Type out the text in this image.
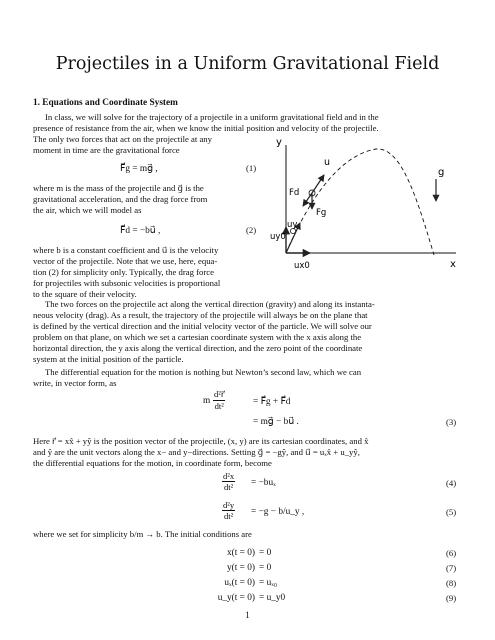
Projectiles in a Uniform Gravitational Field
1. Equations and Coordinate System
In class, we will solve for the trajectory of a projectile in a uniform gravitational field and in the
presence of resistance from the air, when we know the initial position and velocity of the projectile.
The only two forces that act on the projectile at any
moment in time are the gravitational force
F⃗g = mg⃗ ,	(1)
where m is the mass of the projectile and g⃗ is the
gravitational acceleration, and the drag force from
the air, which we will model as
F⃗d = −bu⃗ ,	(2)
where b is a constant coefficient and u⃗ is the velocity
vector of the projectile. Note that we use, here, equa-
tion (2) for simplicity only. Typically, the drag force
for projectiles with subsonic velocities is proportional
to the square of their velocity.
y
x
uy0
ux0
uy
u
Fd
Fg
g
The two forces on the projectile act along the vertical direction (gravity) and along its instanta-
neous velocity (drag). As a result, the trajectory of the projectile will always be on the plane that
is defined by the vertical direction and the initial velocity vector of the particle. We will solve our
problem on that plane, on which we set a cartesian coordinate system with the x axis along the
horizontal direction, the y axis along the vertical direction, and the zero point of the coordinate
system at the initial position of the particle.
The differential equation for the motion is nothing but Newton’s second law, which we can
write, in vector form, as
m $\frac{\text{d²r⃗}}{\text{dt²}}$	= F⃗g + F⃗d
= mg⃗ − bu⃗ .	(3)
Here r⃗ = xx̂ + yŷ is the position vector of the projectile, (x, y) are its cartesian coordinates, and x̂
and ŷ are the unit vectors along the x− and y−directions. Setting g⃗ = −gŷ, and u⃗ = uₓx̂ + u_yŷ,
the differential equations for the motion, in coordinate form, become
$\frac{\text{d²x}}{\text{dt²}} = -bu_x$	(4)
$\frac{\text{d²y}}{\text{dt²}} = -g$ − b/u_y ,	(5)
where we set for simplicity b/m → b. The initial conditions are
x(t = 0) = 0	(6)
y(t = 0) = 0	(7)
uₓ(t = 0) = uₓ₀	(8)
u_y(t = 0) = u_y0	(9)
1
